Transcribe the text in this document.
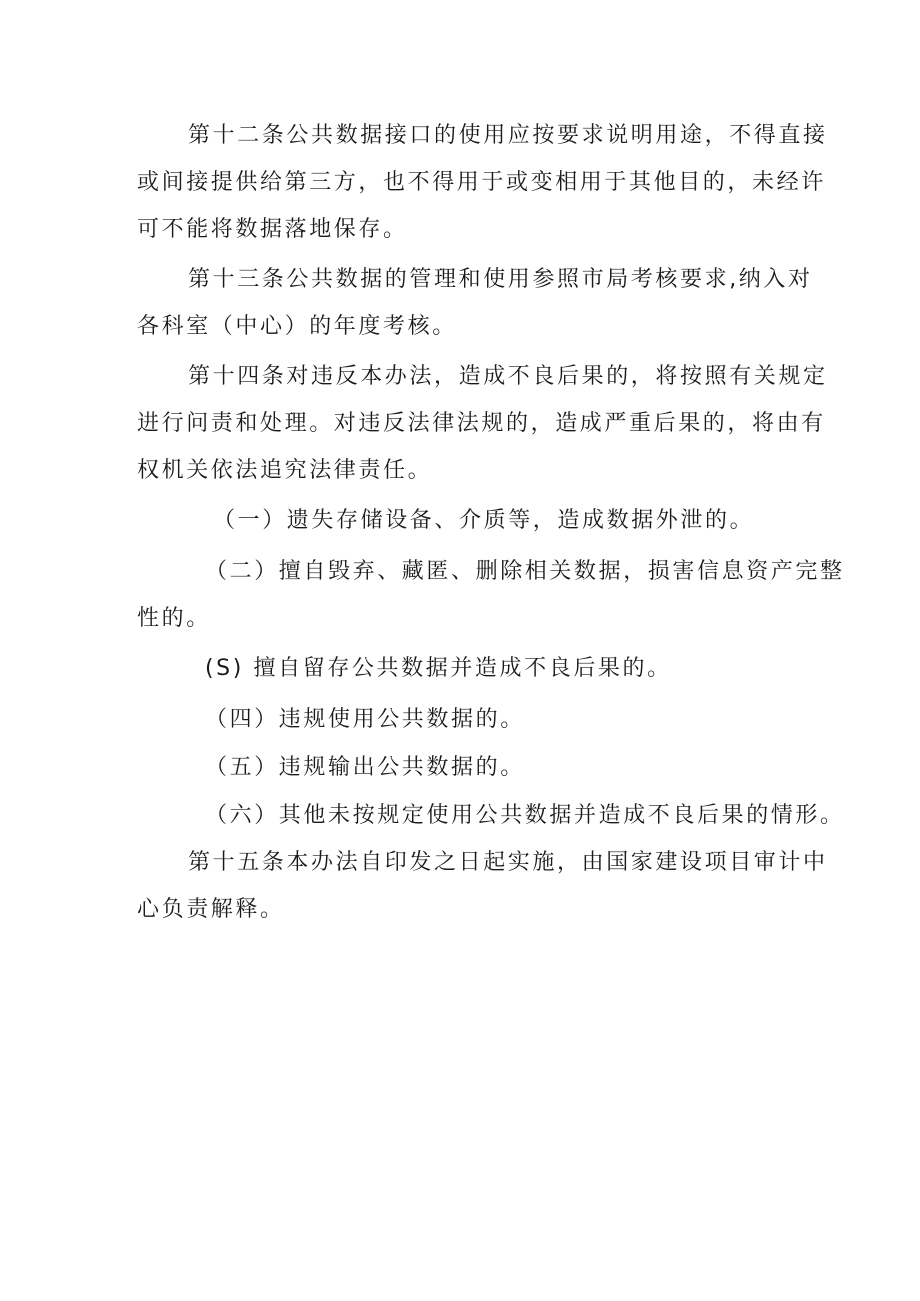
第十二条公共数据接口的使用应按要求说明用途，不得直接
或间接提供给第三方，也不得用于或变相用于其他目的，未经许
可不能将数据落地保存。
第十三条公共数据的管理和使用参照市局考核要求,纳入对
各科室（中心）的年度考核。
第十四条对违反本办法，造成不良后果的，将按照有关规定
进行问责和处理。对违反法律法规的，造成严重后果的，将由有
权机关依法追究法律责任。
（一）遗失存储设备、介质等，造成数据外泄的。
（二）擅自毁弃、藏匿、删除相关数据，损害信息资产完整
性的。
(S) 擅自留存公共数据并造成不良后果的。
（四）违规使用公共数据的。
（五）违规输出公共数据的。
（六）其他未按规定使用公共数据并造成不良后果的情形。
第十五条本办法自印发之日起实施，由国家建设项目审计中
心负责解释。
